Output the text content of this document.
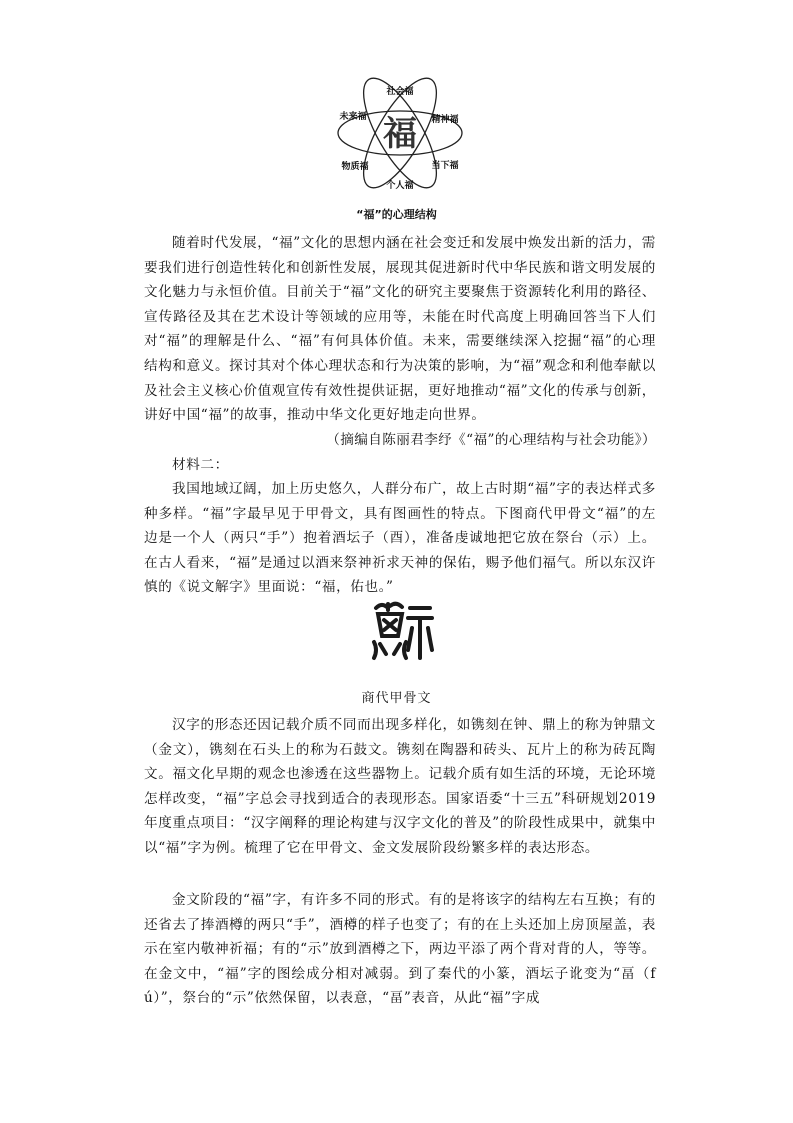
福
社会福
个人福
未来福	精神福
物质福	当下福
“福”的心理结构
随着时代发展，“福”文化的思想内涵在社会变迁和发展中焕发出新的活力，需要我们进行创造性转化和创新性发展，展现其促进新时代中华民族和谐文明发展的文化魅力与永恒价值。目前关于“福”文化的研究主要聚焦于资源转化利用的路径、宣传路径及其在艺术设计等领域的应用等，未能在时代高度上明确回答当下人们对“福”的理解是什么、“福”有何具体价值。未来，需要继续深入挖掘“福”的心理结构和意义。探讨其对个体心理状态和行为决策的影响，为“福”观念和利他奉献以及社会主义核心价值观宣传有效性提供证据，更好地推动“福”文化的传承与创新，讲好中国“福”的故事，推动中华文化更好地走向世界。
（摘编自陈丽君李纾《“福”的心理结构与社会功能》）
材料二：
我国地域辽阔，加上历史悠久，人群分布广，故上古时期“福”字的表达样式多种多样。“福”字最早见于甲骨文，具有图画性的特点。下图商代甲骨文“福”的左边是一个人（两只“手”）抱着酒坛子（酉），准备虔诚地把它放在祭台（示）上。在古人看来，“福”是通过以酒来祭神祈求天神的保佑，赐予他们福气。所以东汉许慎的《说文解字》里面说：“福，佑也。”
商代甲骨文
汉字的形态还因记载介质不同而出现多样化，如镌刻在钟、鼎上的称为钟鼎文（金文），镌刻在石头上的称为石鼓文。镌刻在陶器和砖头、瓦片上的称为砖瓦陶文。福文化早期的观念也渗透在这些器物上。记载介质有如生活的环境，无论环境怎样改变，“福”字总会寻找到适合的表现形态。国家语委“十三五”科研规划2019年度重点项目：“汉字阐释的理论构建与汉字文化的普及”的阶段性成果中，就集中以“福”字为例。梳理了它在甲骨文、金文发展阶段纷繁多样的表达形态。
金文阶段的“福”字，有许多不同的形式。有的是将该字的结构左右互换；有的还省去了捧酒樽的两只“手”，酒樽的样子也变了；有的在上头还加上房顶屋盖，表示在室内敬神祈福；有的“示”放到酒樽之下，两边平添了两个背对背的人，等等。在金文中，“福”字的图绘成分相对减弱。到了秦代的小篆，酒坛子讹变为“畐（fú）”，祭台的“示”依然保留，以表意，“畐”表音，从此“福”字成
